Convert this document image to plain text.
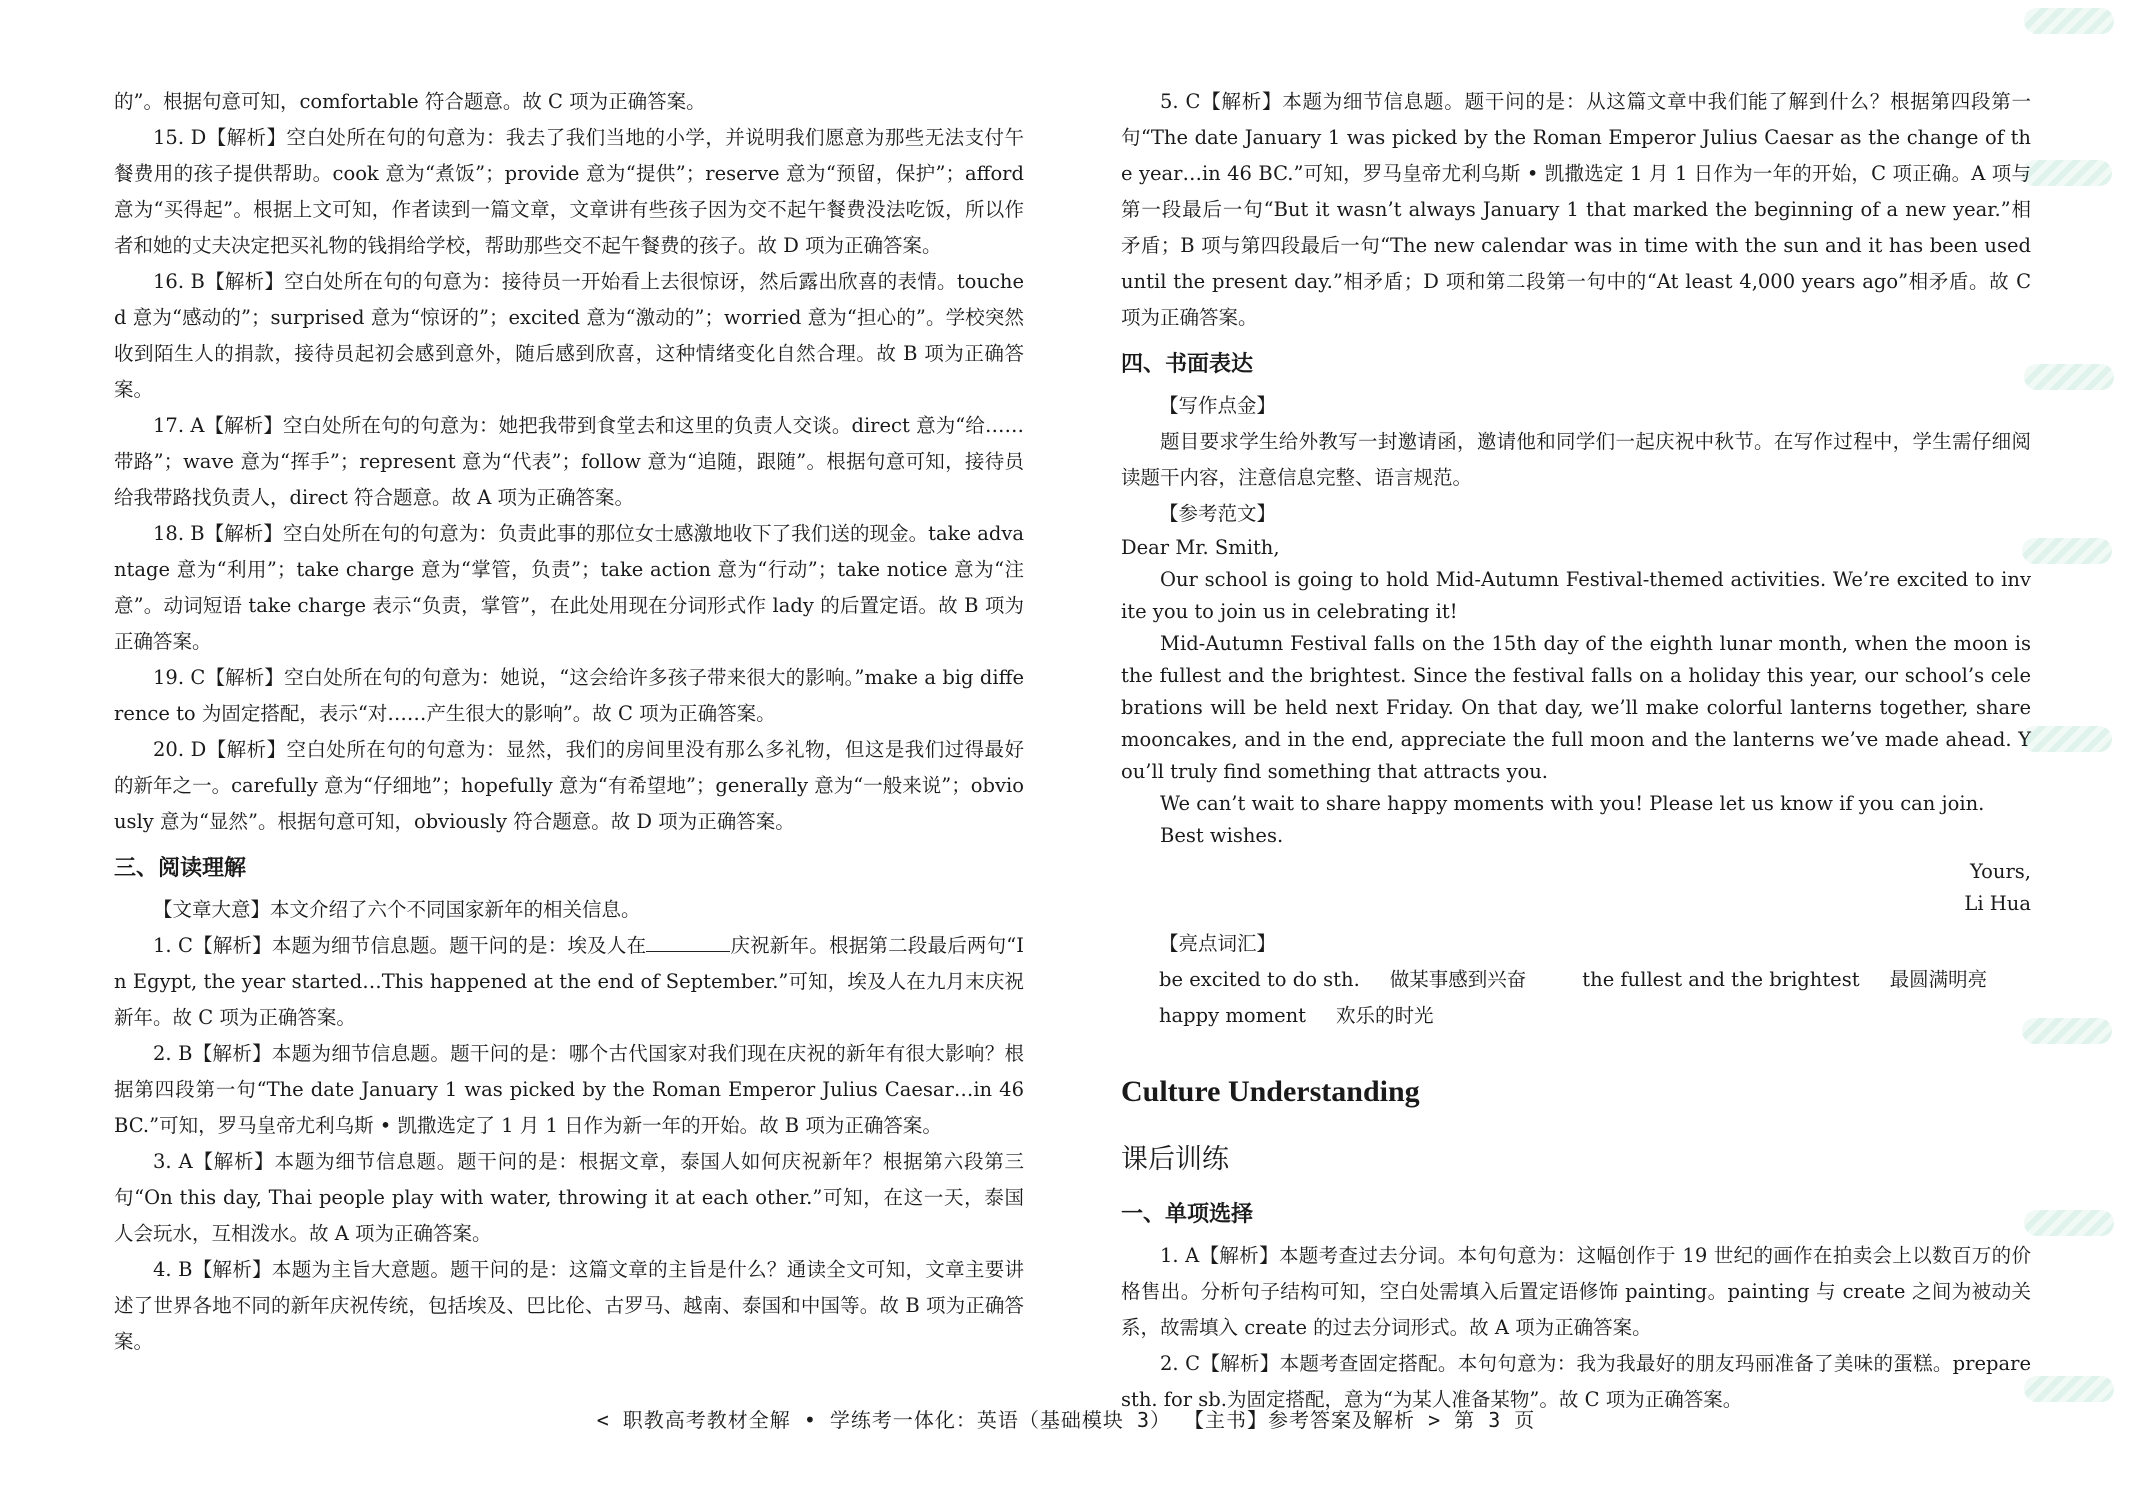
的”。根据句意可知，comfortable 符合题意。故 C 项为正确答案。

15. D【解析】空白处所在句的句意为：我去了我们当地的小学，并说明我们愿意为那些无法支付午餐费用的孩子提供帮助。cook 意为“煮饭”；provide 意为“提供”；reserve 意为“预留，保护”；afford 意为“买得起”。根据上文可知，作者读到一篇文章，文章讲有些孩子因为交不起午餐费没法吃饭，所以作者和她的丈夫决定把买礼物的钱捐给学校，帮助那些交不起午餐费的孩子。故 D 项为正确答案。

16. B【解析】空白处所在句的句意为：接待员一开始看上去很惊讶，然后露出欣喜的表情。touched 意为“感动的”；surprised 意为“惊讶的”；excited 意为“激动的”；worried 意为“担心的”。学校突然收到陌生人的捐款，接待员起初会感到意外，随后感到欣喜，这种情绪变化自然合理。故 B 项为正确答案。

17. A【解析】空白处所在句的句意为：她把我带到食堂去和这里的负责人交谈。direct 意为“给……带路”；wave 意为“挥手”；represent 意为“代表”；follow 意为“追随，跟随”。根据句意可知，接待员给我带路找负责人，direct 符合题意。故 A 项为正确答案。

18. B【解析】空白处所在句的句意为：负责此事的那位女士感激地收下了我们送的现金。take advantage 意为“利用”；take charge 意为“掌管，负责”；take action 意为“行动”；take notice 意为“注意”。动词短语 take charge 表示“负责，掌管”，在此处用现在分词形式作 lady 的后置定语。故 B 项为正确答案。

19. C【解析】空白处所在句的句意为：她说，“这会给许多孩子带来很大的影响。”make a big difference to 为固定搭配，表示“对……产生很大的影响”。故 C 项为正确答案。

20. D【解析】空白处所在句的句意为：显然，我们的房间里没有那么多礼物，但这是我们过得最好的新年之一。carefully 意为“仔细地”；hopefully 意为“有希望地”；generally 意为“一般来说”；obviously 意为“显然”。根据句意可知，obviously 符合题意。故 D 项为正确答案。

三、阅读理解

【文章大意】本文介绍了六个不同国家新年的相关信息。

1. C【解析】本题为细节信息题。题干问的是：埃及人在	庆祝新年。根据第二段最后两句“In Egypt, the year started…This happened at the end of September.”可知，埃及人在九月末庆祝新年。故 C 项为正确答案。

2. B【解析】本题为细节信息题。题干问的是：哪个古代国家对我们现在庆祝的新年有很大影响？根据第四段第一句“The date January 1 was picked by the Roman Emperor Julius Caesar…in 46 BC.”可知，罗马皇帝尤利乌斯 • 凯撒选定了 1 月 1 日作为新一年的开始。故 B 项为正确答案。

3. A【解析】本题为细节信息题。题干问的是：根据文章，泰国人如何庆祝新年？根据第六段第三句“On this day, Thai people play with water, throwing it at each other.”可知，在这一天，泰国人会玩水，互相泼水。故 A 项为正确答案。

4. B【解析】本题为主旨大意题。题干问的是：这篇文章的主旨是什么？通读全文可知，文章主要讲述了世界各地不同的新年庆祝传统，包括埃及、巴比伦、古罗马、越南、泰国和中国等。故 B 项为正确答案。

5. C【解析】本题为细节信息题。题干问的是：从这篇文章中我们能了解到什么？根据第四段第一句“The date January 1 was picked by the Roman Emperor Julius Caesar as the change of the year…in 46 BC.”可知，罗马皇帝尤利乌斯 • 凯撒选定 1 月 1 日作为一年的开始，C 项正确。A 项与第一段最后一句“But it wasn’t always January 1 that marked the beginning of a new year.”相矛盾；B 项与第四段最后一句“The new calendar was in time with the sun and it has been used until the present day.”相矛盾；D 项和第二段第一句中的“At least 4,000 years ago”相矛盾。故 C 项为正确答案。

四、书面表达

【写作点金】

题目要求学生给外教写一封邀请函，邀请他和同学们一起庆祝中秋节。在写作过程中，学生需仔细阅读题干内容，注意信息完整、语言规范。

【参考范文】

Dear Mr. Smith,

Our school is going to hold Mid-Autumn Festival-themed activities. We’re excited to invite you to join us in celebrating it!

Mid-Autumn Festival falls on the 15th day of the eighth lunar month, when the moon is the fullest and the brightest. Since the festival falls on a holiday this year, our school’s celebrations will be held next Friday. On that day, we’ll make colorful lanterns together, share mooncakes, and in the end, appreciate the full moon and the lanterns we’ve made ahead. You’ll truly find something that attracts you.

We can’t wait to share happy moments with you! Please let us know if you can join.

Best wishes.

Yours,

Li Hua

【亮点词汇】

be excited to do sth. 做某事感到兴奋	the fullest and the brightest 最圆满明亮
happy moment 欢乐的时光
Culture Understanding
课后训练
一、单项选择

1. A【解析】本题考查过去分词。本句句意为：这幅创作于 19 世纪的画作在拍卖会上以数百万的价格售出。分析句子结构可知，空白处需填入后置定语修饰 painting。painting 与 create 之间为被动关系，故需填入 create 的过去分词形式。故 A 项为正确答案。

2. C【解析】本题考查固定搭配。本句句意为：我为我最好的朋友玛丽准备了美味的蛋糕。prepare sth. for sb.为固定搭配，意为“为某人准备某物”。故 C 项为正确答案。

< 职教高考教材全解 • 学练考一体化：英语（基础模块 3） 【主书】参考答案及解析 > 第 3 页
